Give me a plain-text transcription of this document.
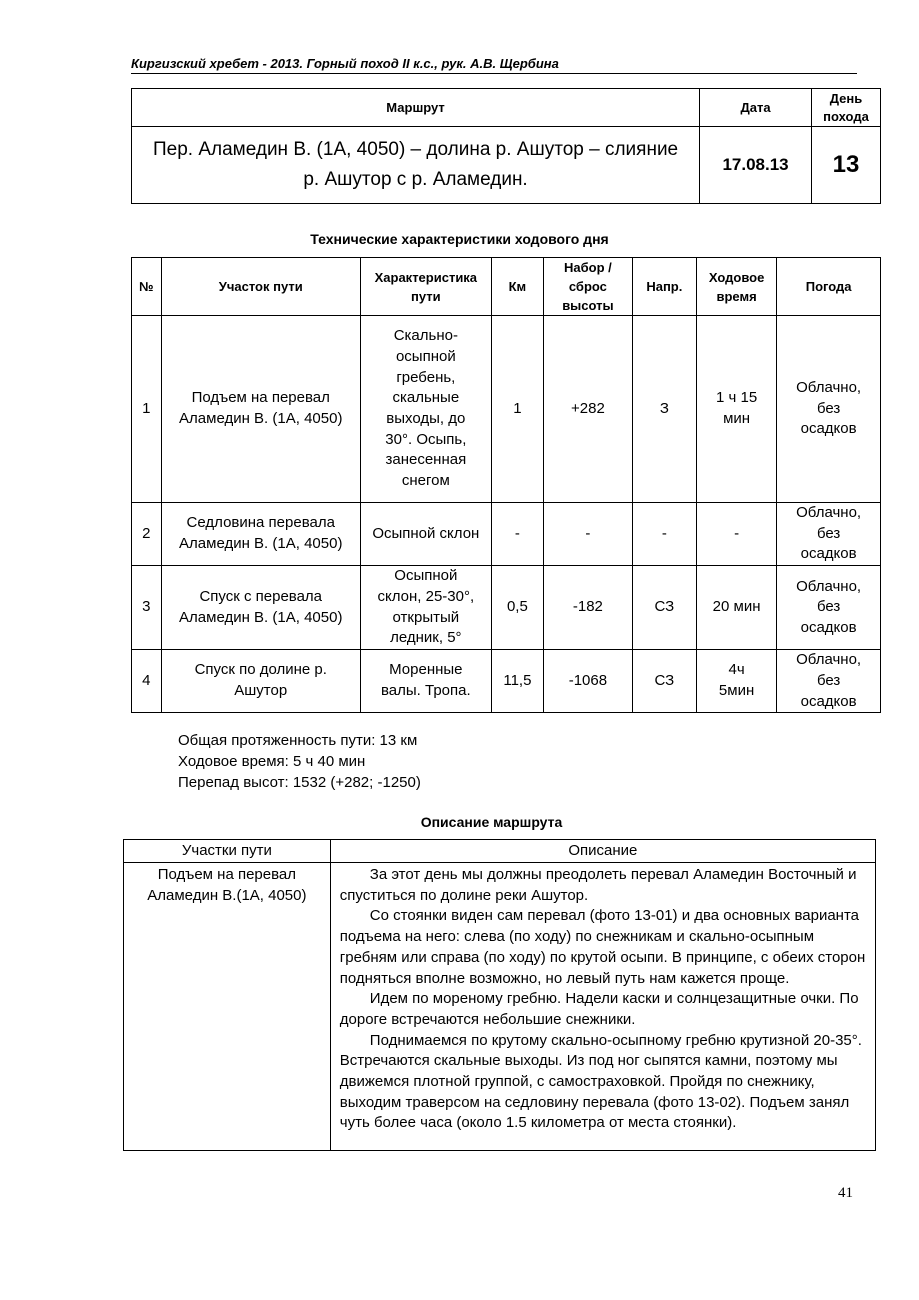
Киргизский хребет - 2013. Горный поход II к.с., рук. А.В. Щербина
Маршрут	Дата	День похода

Пер. Аламедин В. (1А, 4050) – долина р. Ашутор – слияние
р. Ашутор с р. Аламедин.	17.08.13	13
Технические характеристики ходового дня
№	Участок пути	Характеристика пути	Км	Набор / сброс высоты	Напр.	Ходовое время	Погода
1	Подъем на перевал Аламедин В. (1А, 4050)	Скально-осыпной гребень, скальные выходы, до 30°. Осыпь, занесенная снегом	1	+282	З	1 ч 15 мин	Облачно, без осадков
2	Седловина перевала Аламедин В. (1А, 4050)	Осыпной склон	-	-	-	-	Облачно, без осадков
3	Спуск с перевала Аламедин В. (1А, 4050)	Осыпной склон, 25-30°, открытый ледник, 5°	0,5	-182	СЗ	20 мин	Облачно, без осадков
4	Спуск по долине р. Ашутор	Моренные валы. Тропа.	11,5	-1068	СЗ	4ч 5мин	Облачно, без осадков
Общая протяженность пути: 13 км
Ходовое время: 5 ч 40 мин
Перепад высот: 1532 (+282; -1250)
Описание маршрута
Участки пути	Описание
Подъем на перевал Аламедин В.(1А, 4050)	За этот день мы должны преодолеть перевал Аламедин Восточный и спуститься по долине реки Ашутор.

Со стоянки виден сам перевал (фото 13-01) и два основных варианта подъема на него: слева (по ходу) по снежникам и скально-осыпным гребням или справа (по ходу) по крутой осыпи. В принципе, с обеих сторон подняться вполне возможно, но левый путь нам кажется проще.

Идем по мореному гребню. Надели каски и солнцезащитные очки. По дороге встречаются небольшие снежники.

Поднимаемся по крутому скально-осыпному гребню крутизной 20-35°. Встречаются скальные выходы. Из под ног сыпятся камни, поэтому мы движемся плотной группой, с самостраховкой. Пройдя по снежнику, выходим траверсом на седловину перевала (фото 13-02). Подъем занял чуть более часа (около 1.5 километра от места стоянки).

41
